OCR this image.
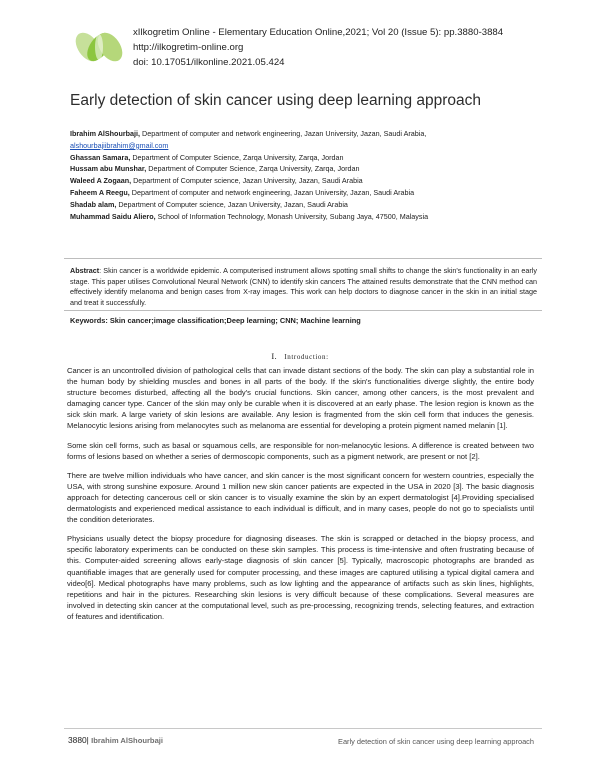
xIlkogretim Online - Elementary Education Online,2021; Vol 20 (Issue 5): pp.3880-3884
http://ilkogretim-online.org
doi: 10.17051/ilkonline.2021.05.424
Early detection of skin cancer using deep learning approach

Ibrahim AlShourbaji, Department of computer and network engineering, Jazan University, Jazan, Saudi Arabia,
alshourbajiibrahim@gmail.com

Ghassan Samara, Department of Computer Science, Zarqa University, Zarqa, Jordan

Hussam abu Munshar, Department of Computer Science, Zarqa University, Zarqa, Jordan

Waleed A Zogaan, Department of Computer science, Jazan University, Jazan, Saudi Arabia

Faheem A Reegu, Department of computer and network engineering, Jazan University, Jazan, Saudi Arabia

Shadab alam, Department of Computer science, Jazan University, Jazan, Saudi Arabia

Muhammad Saidu Aliero, School of Information Technology, Monash University, Subang Jaya, 47500, Malaysia

Abstract: Skin cancer is a worldwide epidemic. A computerised instrument allows spotting small shifts to change the skin's functionality in an early stage. This paper utilises Convolutional Neural Network (CNN) to identify skin cancers The attained results demonstrate that the CNN method can effectively identify melanoma and benign cases from X-ray images. This work can help doctors to diagnose cancer in the skin in an initial stage and treat it successfully.

Keywords: Skin cancer;image classification;Deep learning; CNN; Machine learning

I. Introduction:

Cancer is an uncontrolled division of pathological cells that can invade distant sections of the body. The skin can play a substantial role in the human body by shielding muscles and bones in all parts of the body. If the skin's functionalities diverge slightly, the entire body structure becomes disturbed, affecting all the body's crucial functions. Skin cancer, among other cancers, is the most prevalent and damaging cancer type. Cancer of the skin may only be curable when it is discovered at an early phase. The lesion region is known as the sick skin mark. A large variety of skin lesions are available. Any lesion is fragmented from the skin cell form that induces the genesis. Melanocytic lesions arising from melanocytes such as melanoma are essential for developing a protein pigment named melanin [1].

Some skin cell forms, such as basal or squamous cells, are responsible for non-melanocytic lesions. A difference is created between two forms of lesions based on whether a series of dermoscopic components, such as a pigment network, are present or not [2].

There are twelve million individuals who have cancer, and skin cancer is the most significant concern for western countries, especially the USA, with strong sunshine exposure. Around 1 million new skin cancer patients are expected in the USA in 2020 [3]. The basic diagnosis approach for detecting cancerous cell or skin cancer is to visually examine the skin by an expert dermatologist [4].Providing specialised dermatologists and experienced medical assistance to each individual is difficult, and in many cases, people do not go to specialists until the condition deteriorates.

Physicians usually detect the biopsy procedure for diagnosing diseases. The skin is scrapped or detached in the biopsy process, and specific laboratory experiments can be conducted on these skin samples. This process is time-intensive and often frustrating because of this. Computer-aided screening allows early-stage diagnosis of skin cancer [5]. Typically, macroscopic photographs are branded as quantifiable images that are generally used for computer processing, and these images are captured utilising a typical digital camera and video[6]. Medical photographs have many problems, such as low lighting and the appearance of artifacts such as skin lines, highlights, repetitions and hair in the pictures. Researching skin lesions is very difficult because of these complications. Several measures are involved in detecting skin cancer at the computational level, such as pre-processing, recognizing trends, selecting features, and extraction of features and identification.

3880| Ibrahim AlShourbaji	Early detection of skin cancer using deep learning approach
